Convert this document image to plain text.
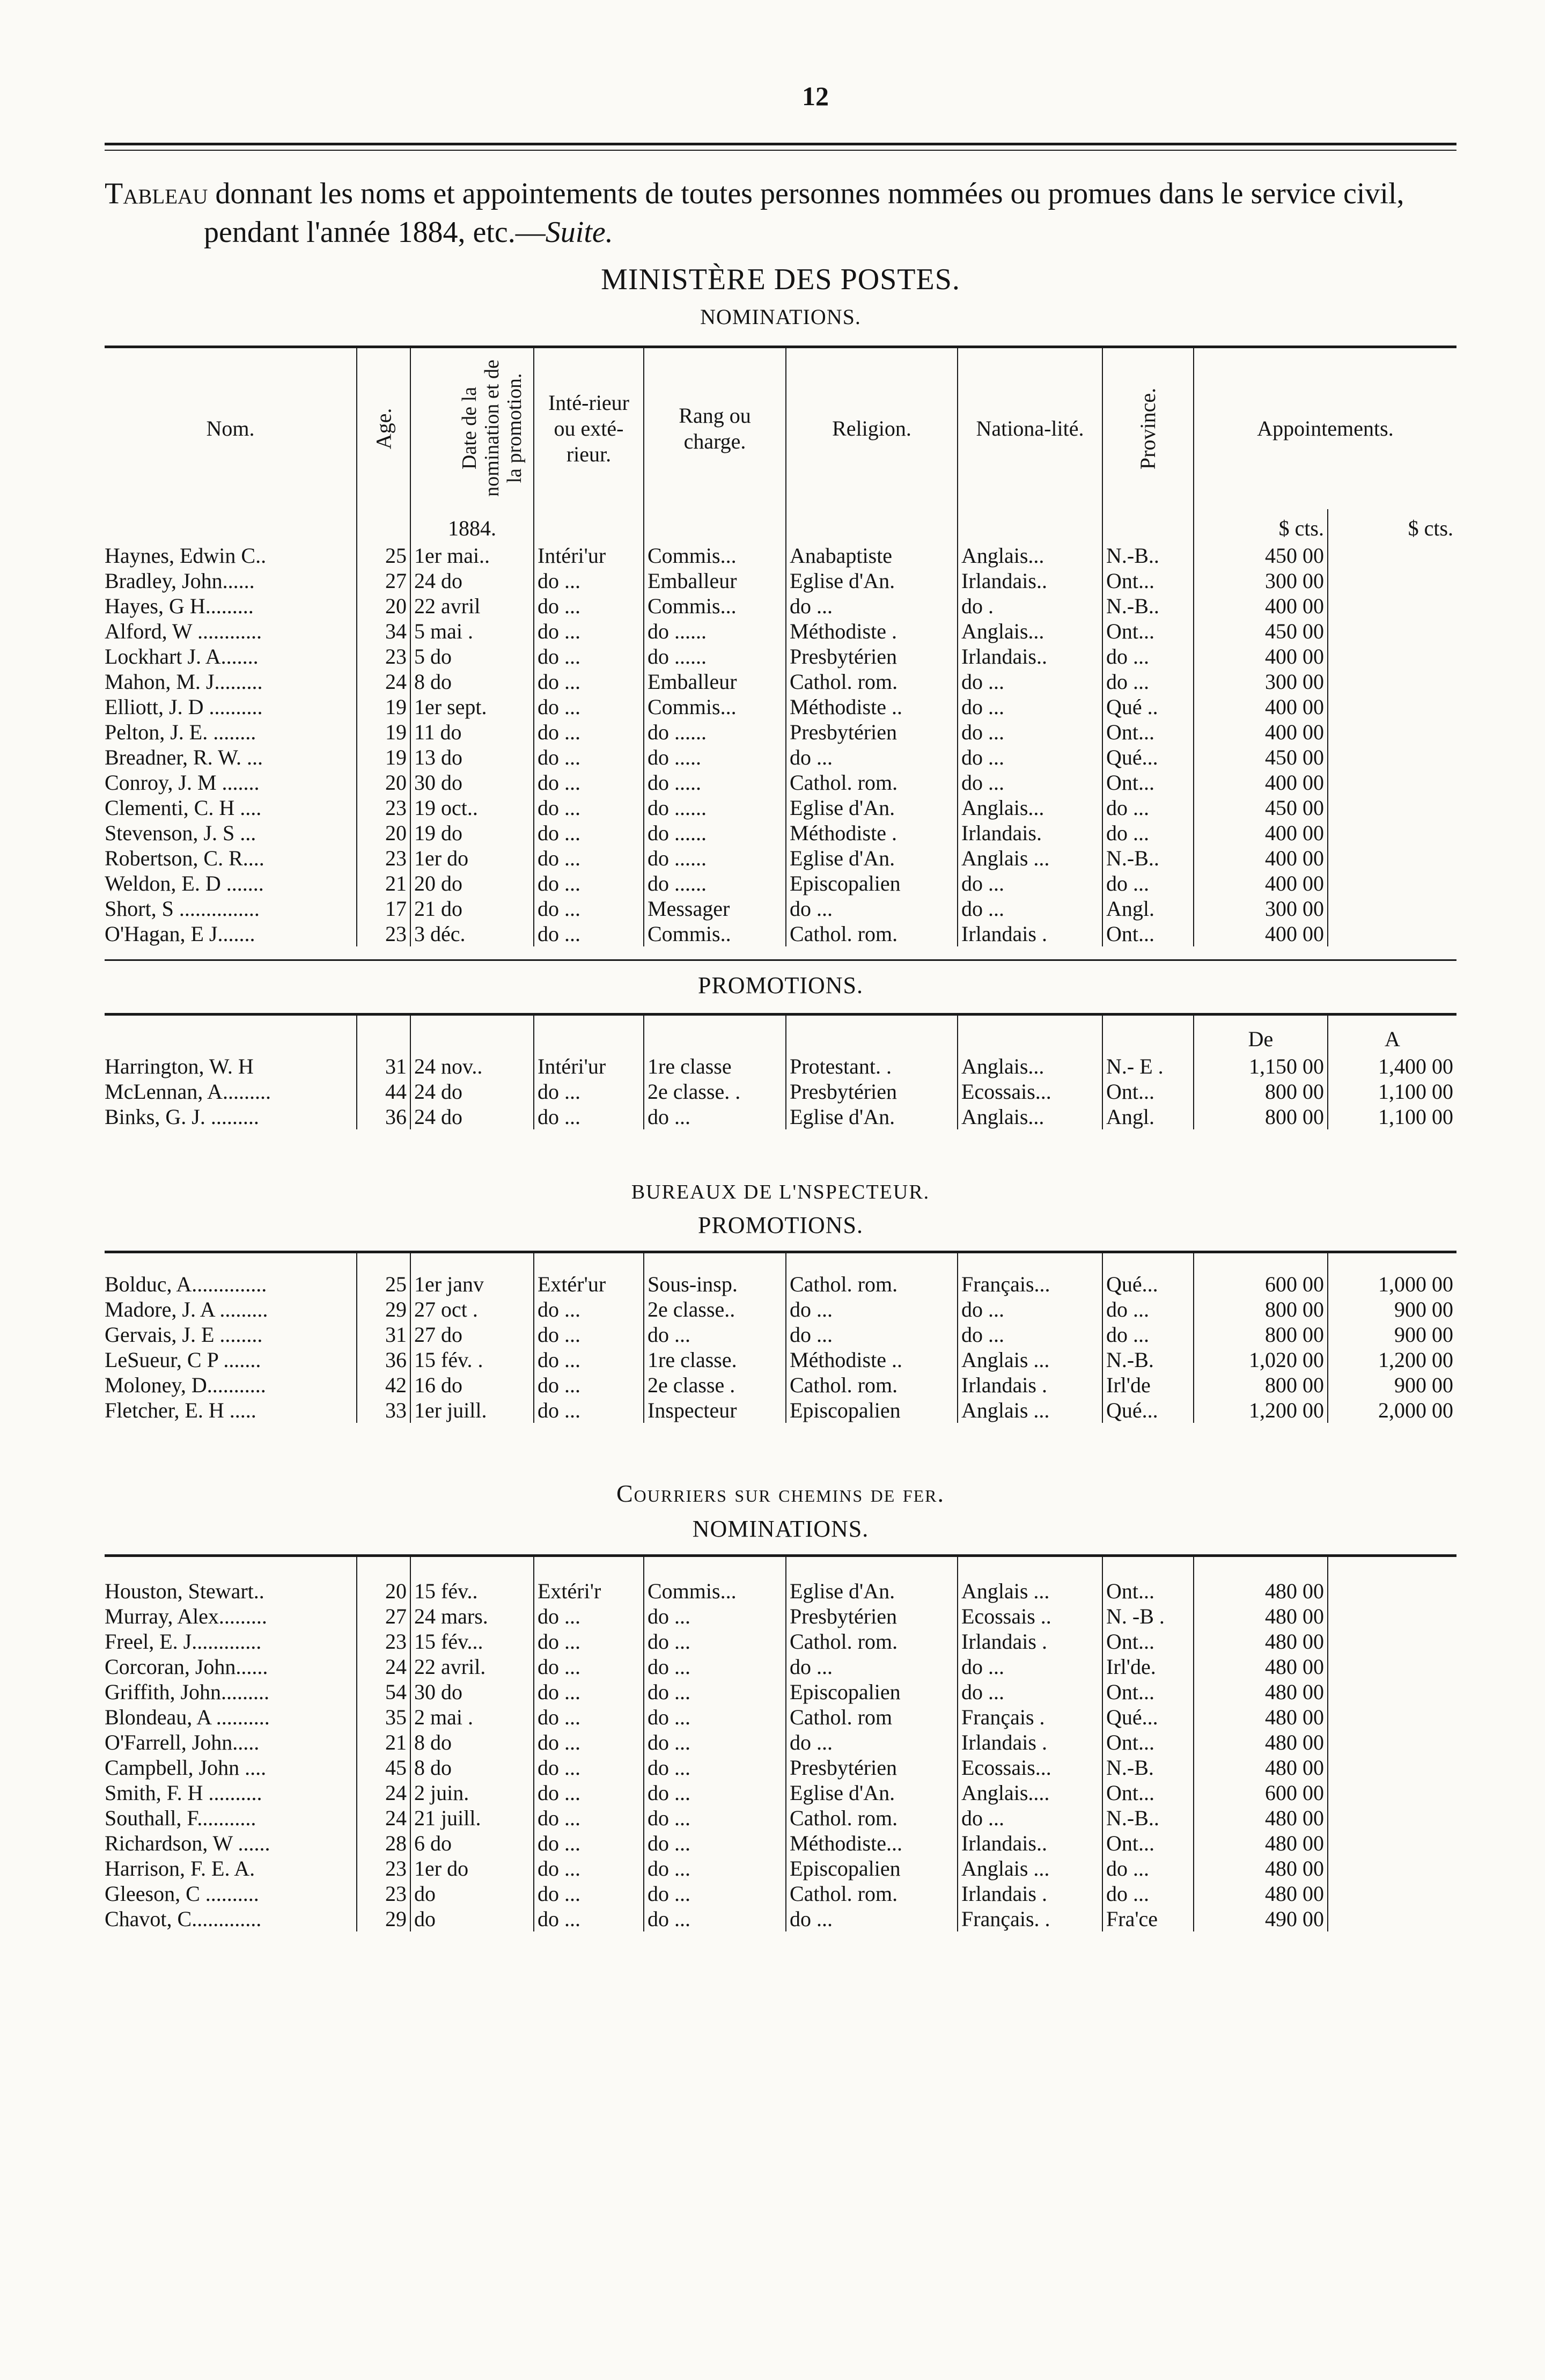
12
Tableau donnant les noms et appointements de toutes personnes nommées ou promues dans le service civil, pendant l'année 1884, etc.—Suite.
MINISTÈRE DES POSTES.
NOMINATIONS.
Nom.	Age.	Date de la nomination et de la promotion.	Inté-rieur ou exté-rieur.	Rang ou charge.	Religion.	Nationa-lité.	Province.	Appointements.	
		1884.						$ cts.	$ cts.
Haynes, Edwin C..	25	1er mai..	Intéri'ur	Commis...	Anabaptiste	Anglais...	N.-B..	450 00	
Bradley, John......	27	24 do	do ...	Emballeur	Eglise d'An.	Irlandais..	Ont...	300 00	
Hayes, G H.........	20	22 avril	do ...	Commis...	do ...	do .	N.-B..	400 00	
Alford, W ............	34	5 mai .	do ...	do ......	Méthodiste .	Anglais...	Ont...	450 00	
Lockhart J. A.......	23	5 do	do ...	do ......	Presbytérien	Irlandais..	do ...	400 00	
Mahon, M. J.........	24	8 do	do ...	Emballeur	Cathol. rom.	do ...	do ...	300 00	
Elliott, J. D ..........	19	1er sept.	do ...	Commis...	Méthodiste ..	do ...	Qué ..	400 00	
Pelton, J. E. ........	19	11 do	do ...	do ......	Presbytérien	do ...	Ont...	400 00	
Breadner, R. W. ...	19	13 do	do ...	do .....	do ...	do ...	Qué...	450 00	
Conroy, J. M .......	20	30 do	do ...	do .....	Cathol. rom.	do ...	Ont...	400 00	
Clementi, C. H ....	23	19 oct..	do ...	do ......	Eglise d'An.	Anglais...	do ...	450 00	
Stevenson, J. S ...	20	19 do	do ...	do ......	Méthodiste .	Irlandais.	do ...	400 00	
Robertson, C. R....	23	1er do	do ...	do ......	Eglise d'An.	Anglais ...	N.-B..	400 00	
Weldon, E. D .......	21	20 do	do ...	do ......	Episcopalien	do ...	do ...	400 00	
Short, S ...............	17	21 do	do ...	Messager	do ...	do ...	Angl.	300 00	
O'Hagan, E J.......	23	3 déc.	do ...	Commis..	Cathol. rom.	Irlandais .	Ont...	400 00	
PROMOTIONS.
								De	A
Harrington, W. H	31	24 nov..	Intéri'ur	1re classe	Protestant. .	Anglais...	N.- E .	1,150 00	1,400 00
McLennan, A.........	44	24 do	do ...	2e classe. .	Presbytérien	Ecossais...	Ont...	800 00	1,100 00
Binks, G. J. .........	36	24 do	do ...	do ...	Eglise d'An.	Anglais...	Angl.	800 00	1,100 00
BUREAUX DE L'NSPECTEUR.
PROMOTIONS.

Bolduc, A..............	25	1er janv	Extér'ur	Sous-insp.	Cathol. rom.	Français...	Qué...	600 00	1,000 00
Madore, J. A .........	29	27 oct .	do ...	2e classe..	do ...	do ...	do ...	800 00	900 00
Gervais, J. E ........	31	27 do	do ...	do ...	do ...	do ...	do ...	800 00	900 00
LeSueur, C P .......	36	15 fév. .	do ...	1re classe.	Méthodiste ..	Anglais ...	N.-B.	1,020 00	1,200 00
Moloney, D...........	42	16 do	do ...	2e classe .	Cathol. rom.	Irlandais .	Irl'de	800 00	900 00
Fletcher, E. H .....	33	1er juill.	do ...	Inspecteur	Episcopalien	Anglais ...	Qué...	1,200 00	2,000 00
Courriers sur chemins de fer.
NOMINATIONS.

Houston, Stewart..	20	15 fév..	Extéri'r	Commis...	Eglise d'An.	Anglais ...	Ont...	480 00	
Murray, Alex.........	27	24 mars.	do ...	do ...	Presbytérien	Ecossais ..	N. -B .	480 00	
Freel, E. J.............	23	15 fév...	do ...	do ...	Cathol. rom.	Irlandais .	Ont...	480 00	
Corcoran, John......	24	22 avril.	do ...	do ...	do ...	do ...	Irl'de.	480 00	
Griffith, John.........	54	30 do	do ...	do ...	Episcopalien	do ...	Ont...	480 00	
Blondeau, A ..........	35	2 mai .	do ...	do ...	Cathol. rom	Français .	Qué...	480 00	
O'Farrell, John.....	21	8 do	do ...	do ...	do ...	Irlandais .	Ont...	480 00	
Campbell, John ....	45	8 do	do ...	do ...	Presbytérien	Ecossais...	N.-B.	480 00	
Smith, F. H ..........	24	2 juin.	do ...	do ...	Eglise d'An.	Anglais....	Ont...	600 00	
Southall, F...........	24	21 juill.	do ...	do ...	Cathol. rom.	do ...	N.-B..	480 00	
Richardson, W ......	28	6 do	do ...	do ...	Méthodiste...	Irlandais..	Ont...	480 00	
Harrison, F. E. A.	23	1er do	do ...	do ...	Episcopalien	Anglais ...	do ...	480 00	
Gleeson, C ..........	23	do	do ...	do ...	Cathol. rom.	Irlandais .	do ...	480 00	
Chavot, C.............	29	do	do ...	do ...	do ...	Français. .	Fra'ce	490 00	
